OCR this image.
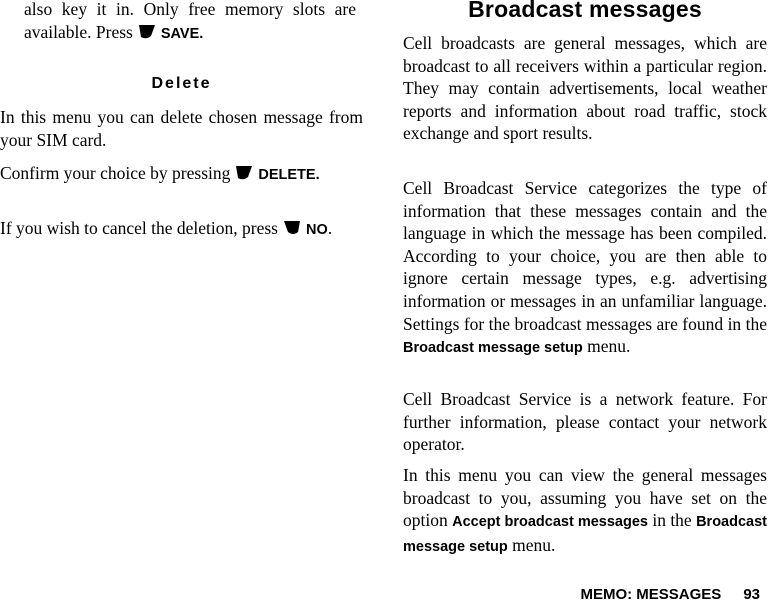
also key it in. Only free memory slots are available. Press SAVE.

Delete

In this menu you can delete chosen message from your SIM card.

Confirm your choice by pressing DELETE.

If you wish to cancel the deletion, press NO.

Broadcast messages

Cell broadcasts are general messages, which are broadcast to all receivers within a particular region. They may contain advertisements, local weather reports and information about road traffic, stock exchange and sport results.

Cell Broadcast Service categorizes the type of information that these messages contain and the language in which the message has been compiled. According to your choice, you are then able to ignore certain message types, e.g. advertising information or messages in an unfamiliar language. Settings for the broadcast messages are found in the Broadcast message setup menu.

Cell Broadcast Service is a network feature. For further information, please contact your network operator.

In this menu you can view the general messages broadcast to you, assuming you have set on the option Accept broadcast messages in the Broadcast message setup menu.

MEMO: MESSAGES 93
